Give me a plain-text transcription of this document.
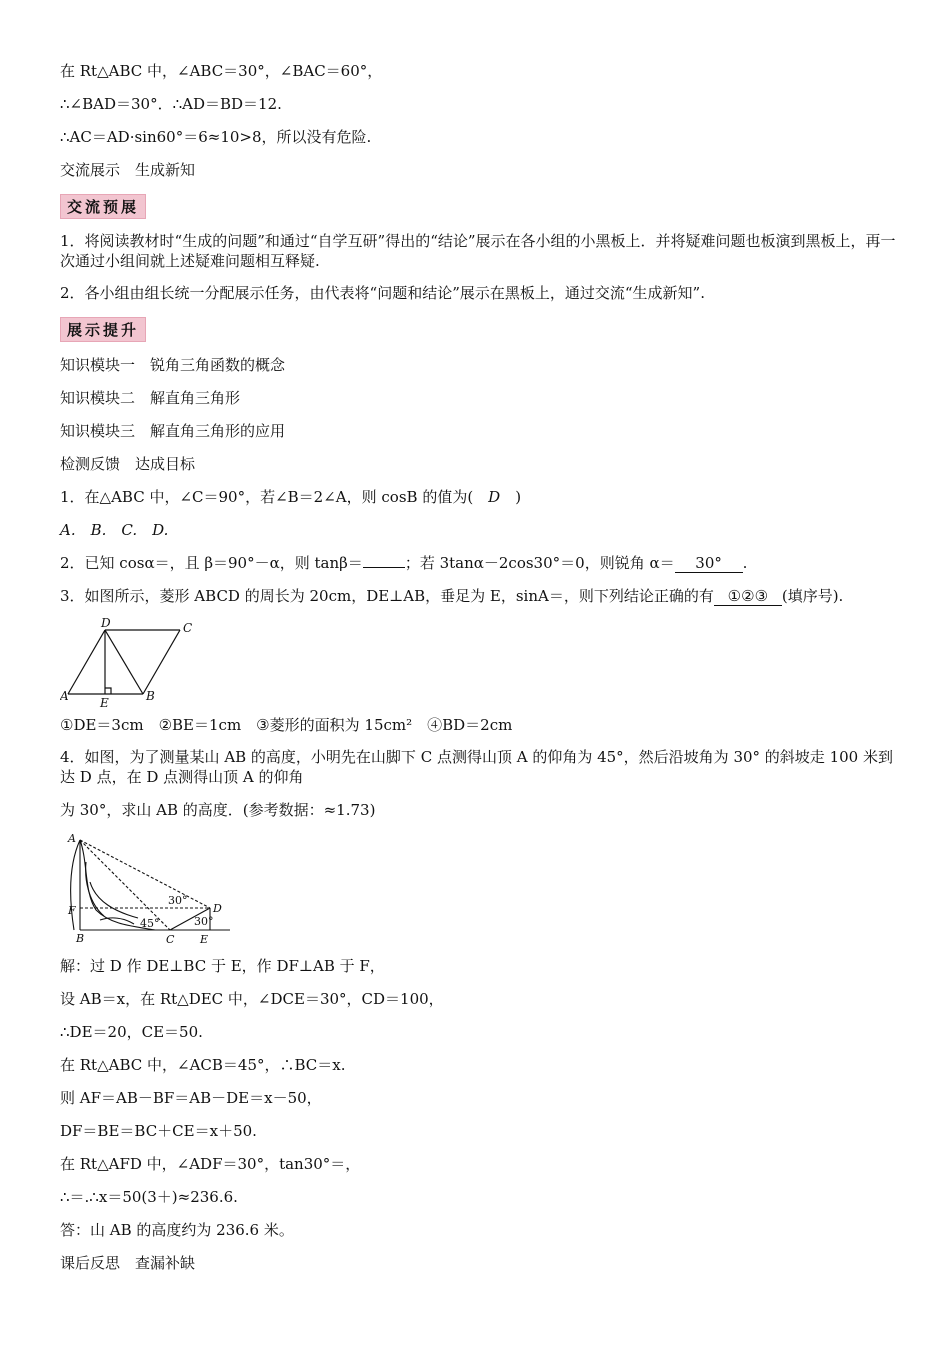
在 Rt△ABC 中，∠ABC＝30°，∠BAC＝60°，
∴∠BAD＝30°．∴AD＝BD＝12.
∴AC＝AD·sin60°＝6≈10>8，所以没有危险.
交流展示　生成新知
交流预展
1．将阅读教材时“生成的问题”和通过“自学互研”得出的“结论”展示在各小组的小黑板上．并将疑难问题也板演到黑板上，再一次通过小组间就上述疑难问题相互释疑.
2．各小组由组长统一分配展示任务，由代表将“问题和结论”展示在黑板上，通过交流“生成新知”.
展示提升
知识模块一　锐角三角函数的概念
知识模块二　解直角三角形
知识模块三　解直角三角形的应用
检测反馈　达成目标
1．在△ABC 中，∠C＝90°，若∠B＝2∠A，则 cosB 的值为(　D　)
A.　B.　C.　D.
2．已知 cosα＝，且 β＝90°－α，则 tanβ＝	；若 3tanα－2cos30°＝0，则锐角 α＝ 30° .
3．如图所示，菱形 ABCD 的周长为 20cm，DE⊥AB，垂足为 E，sinA＝，则下列结论正确的有 ①②③ (填序号).
A	B
C
D
E
①DE＝3cm　②BE＝1cm　③菱形的面积为 15cm²　④BD＝2cm
4．如图，为了测量某山 AB 的高度，小明先在山脚下 C 点测得山顶 A 的仰角为 45°，然后沿坡角为 30° 的斜坡走 100 米到达 D 点，在 D 点测得山顶 A 的仰角
为 30°，求山 AB 的高度．(参考数据：≈1.73)
A
B	C
D
E
F
30°
45°	30°
解：过 D 作 DE⊥BC 于 E，作 DF⊥AB 于 F，
设 AB＝x，在 Rt△DEC 中，∠DCE＝30°，CD＝100，
∴DE＝20，CE＝50.
在 Rt△ABC 中，∠ACB＝45°，∴BC＝x.
则 AF＝AB－BF＝AB－DE＝x－50，
DF＝BE＝BC＋CE＝x＋50.
在 Rt△AFD 中，∠ADF＝30°，tan30°＝，
∴＝.∴x＝50(3＋)≈236.6.
答：山 AB 的高度约为 236.6 米。
课后反思　查漏补缺
